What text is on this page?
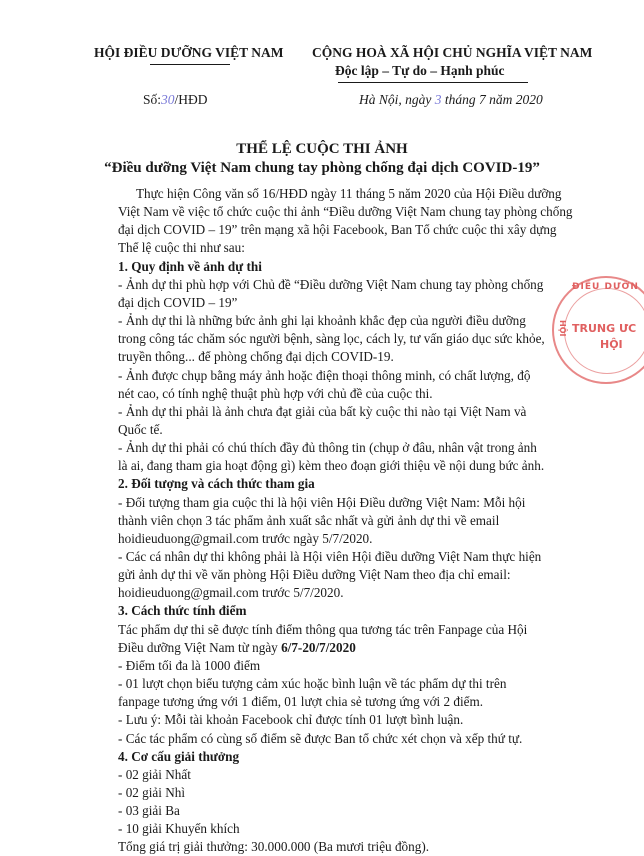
HỘI ĐIỀU DƯỠNG VIỆT NAM CỘNG HOÀ XÃ HỘI CHỦ NGHĨA VIỆT NAM
Độc lập – Tự do – Hạnh phúc
Số:30/HĐD	Hà Nội, ngày 3 tháng 7 năm 2020
THỂ LỆ CUỘC THI ẢNH
“Điều dưỡng Việt Nam chung tay phòng chống đại dịch COVID-19”
ĐIỀU DƯỠN
HỘI TRUNG ƯC
HỘI
Thực hiện Công văn số 16/HĐD ngày 11 tháng 5 năm 2020 của Hội Điều dưỡng
Việt Nam về việc tổ chức cuộc thi ảnh “Điều dưỡng Việt Nam chung tay phòng chống
đại dịch COVID – 19” trên mạng xã hội Facebook, Ban Tổ chức cuộc thi xây dựng
Thể lệ cuộc thi như sau:
1. Quy định về ảnh dự thi
- Ảnh dự thi phù hợp với Chủ đề “Điều dưỡng Việt Nam chung tay phòng chống
đại dịch COVID – 19”
- Ảnh dự thi là những bức ảnh ghi lại khoảnh khắc đẹp của người điều dưỡng
trong công tác chăm sóc người bệnh, sàng lọc, cách ly, tư vấn giáo dục sức khỏe,
truyền thông... để phòng chống đại dịch COVID-19.
- Ảnh được chụp bằng máy ảnh hoặc điện thoại thông minh, có chất lượng, độ
nét cao, có tính nghệ thuật phù hợp với chủ đề của cuộc thi.
- Ảnh dự thi phải là ảnh chưa đạt giải của bất kỳ cuộc thi nào tại Việt Nam và
Quốc tế.
- Ảnh dự thi phải có chú thích đầy đủ thông tin (chụp ở đâu, nhân vật trong ảnh
là ai, đang tham gia hoạt động gì) kèm theo đoạn giới thiệu về nội dung bức ảnh.
2. Đối tượng và cách thức tham gia
- Đối tượng tham gia cuộc thi là hội viên Hội Điều dưỡng Việt Nam: Mỗi hội
thành viên chọn 3 tác phẩm ảnh xuất sắc nhất và gửi ảnh dự thi về email
hoidieuduong@gmail.com trước ngày 5/7/2020.
- Các cá nhân dự thi không phải là Hội viên Hội điều dưỡng Việt Nam thực hiện
gửi ảnh dự thi về văn phòng Hội Điều dưỡng Việt Nam theo địa chỉ email:
hoidieuduong@gmail.com trước 5/7/2020.
3. Cách thức tính điểm
Tác phẩm dự thi sẽ được tính điểm thông qua tương tác trên Fanpage của Hội
Điều dưỡng Việt Nam từ ngày 6/7-20/7/2020
- Điểm tối đa là 1000 điểm
- 01 lượt chọn biểu tượng cảm xúc hoặc bình luận về tác phẩm dự thi trên
fanpage tương ứng với 1 điểm, 01 lượt chia sẻ tương ứng với 2 điểm.
- Lưu ý: Mỗi tài khoản Facebook chỉ được tính 01 lượt bình luận.
- Các tác phẩm có cùng số điểm sẽ được Ban tổ chức xét chọn và xếp thứ tự.
4. Cơ cấu giải thưởng
- 02 giải Nhất
- 02 giải Nhì
- 03 giải Ba
- 10 giải Khuyến khích
Tổng giá trị giải thưởng: 30.000.000 (Ba mươi triệu đồng).
